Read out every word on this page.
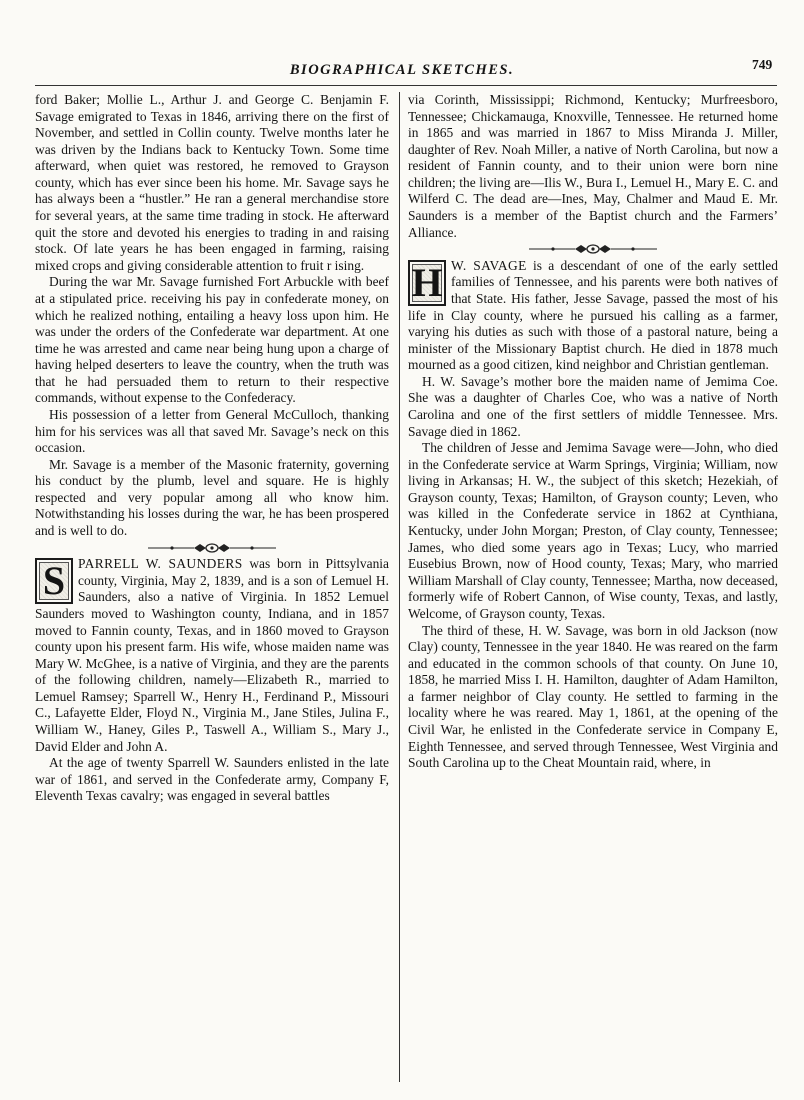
BIOGRAPHICAL SKETCHES.	749

ford Baker; Mollie L., Arthur J. and George C. Benjamin F. Savage emigrated to Texas in 1846, arriving there on the first of November, and settled in Collin county. Twelve months later he was driven by the Indians back to Kentucky Town. Some time afterward, when quiet was restored, he removed to Grayson county, which has ever since been his home. Mr. Savage says he has always been a “hustler.” He ran a general merchandise store for several years, at the same time trading in stock. He afterward quit the store and devoted his energies to trading in and raising stock. Of late years he has been engaged in farming, raising mixed crops and giving considerable attention to fruit r ising.

During the war Mr. Savage furnished Fort Arbuckle with beef at a stipulated price. receiving his pay in confederate money, on which he realized nothing, entailing a heavy loss upon him. He was under the orders of the Confederate war department. At one time he was arrested and came near being hung upon a charge of having helped deserters to leave the country, when the truth was that he had persuaded them to return to their respective commands, without expense to the Confederacy.

His possession of a letter from General McCulloch, thanking him for his services was all that saved Mr. Savage’s neck on this occasion.

Mr. Savage is a member of the Masonic fraternity, governing his conduct by the plumb, level and square. He is highly respected and very popular among all who know him. Notwithstanding his losses during the war, he has been prospered and is well to do.

SPARRELL W. SAUNDERS was born in Pittsylvania county, Virginia, May 2, 1839, and is a son of Lemuel H. Saunders, also a native of Virginia. In 1852 Lemuel Saunders moved to Washington county, Indiana, and in 1857 moved to Fannin county, Texas, and in 1860 moved to Grayson county upon his present farm. His wife, whose maiden name was Mary W. McGhee, is a native of Virginia, and they are the parents of the following children, namely—Elizabeth R., married to Lemuel Ramsey; Sparrell W., Henry H., Ferdinand P., Missouri C., Lafayette Elder, Floyd N., Virginia M., Jane Stiles, Julina F., William W., Haney, Giles P., Taswell A., William S., Mary J., David Elder and John A.

At the age of twenty Sparrell W. Saunders enlisted in the late war of 1861, and served in the Confederate army, Company F, Eleventh Texas cavalry; was engaged in several battles

via Corinth, Mississippi; Richmond, Kentucky; Murfreesboro, Tennessee; Chickamauga, Knoxville, Tennessee. He returned home in 1865 and was married in 1867 to Miss Miranda J. Miller, daughter of Rev. Noah Miller, a native of North Carolina, but now a resident of Fannin county, and to their union were born nine children; the living are—Ilis W., Bura I., Lemuel H., Mary E. C. and Wilferd C. The dead are—Ines, May, Chalmer and Maud E. Mr. Saunders is a member of the Baptist church and the Farmers’ Alliance.

H W. SAVAGE is a descendant of one of the early settled families of Tennessee, and his parents were both natives of that State. His father, Jesse Savage, passed the most of his life in Clay county, where he pursued his calling as a farmer, varying his duties as such with those of a pastoral nature, being a minister of the Missionary Baptist church. He died in 1878 much mourned as a good citizen, kind neighbor and Christian gentleman.

H. W. Savage’s mother bore the maiden name of Jemima Coe. She was a daughter of Charles Coe, who was a native of North Carolina and one of the first settlers of middle Tennessee. Mrs. Savage died in 1862.

The children of Jesse and Jemima Savage were—John, who died in the Confederate service at Warm Springs, Virginia; William, now living in Arkansas; H. W., the subject of this sketch; Hezekiah, of Grayson county, Texas; Hamilton, of Grayson county; Leven, who was killed in the Confederate service in 1862 at Cynthiana, Kentucky, under John Morgan; Preston, of Clay county, Tennessee; James, who died some years ago in Texas; Lucy, who married Eusebius Brown, now of Hood county, Texas; Mary, who married William Marshall of Clay county, Tennessee; Martha, now deceased, formerly wife of Robert Cannon, of Wise county, Texas, and lastly, Welcome, of Grayson county, Texas.

The third of these, H. W. Savage, was born in old Jackson (now Clay) county, Tennessee in the year 1840. He was reared on the farm and educated in the common schools of that county. On June 10, 1858, he married Miss I. H. Hamilton, daughter of Adam Hamilton, a farmer neighbor of Clay county. He settled to farming in the locality where he was reared. May 1, 1861, at the opening of the Civil War, he enlisted in the Confederate service in Company E, Eighth Tennessee, and served through Tennessee, West Virginia and South Carolina up to the Cheat Mountain raid, where, in
